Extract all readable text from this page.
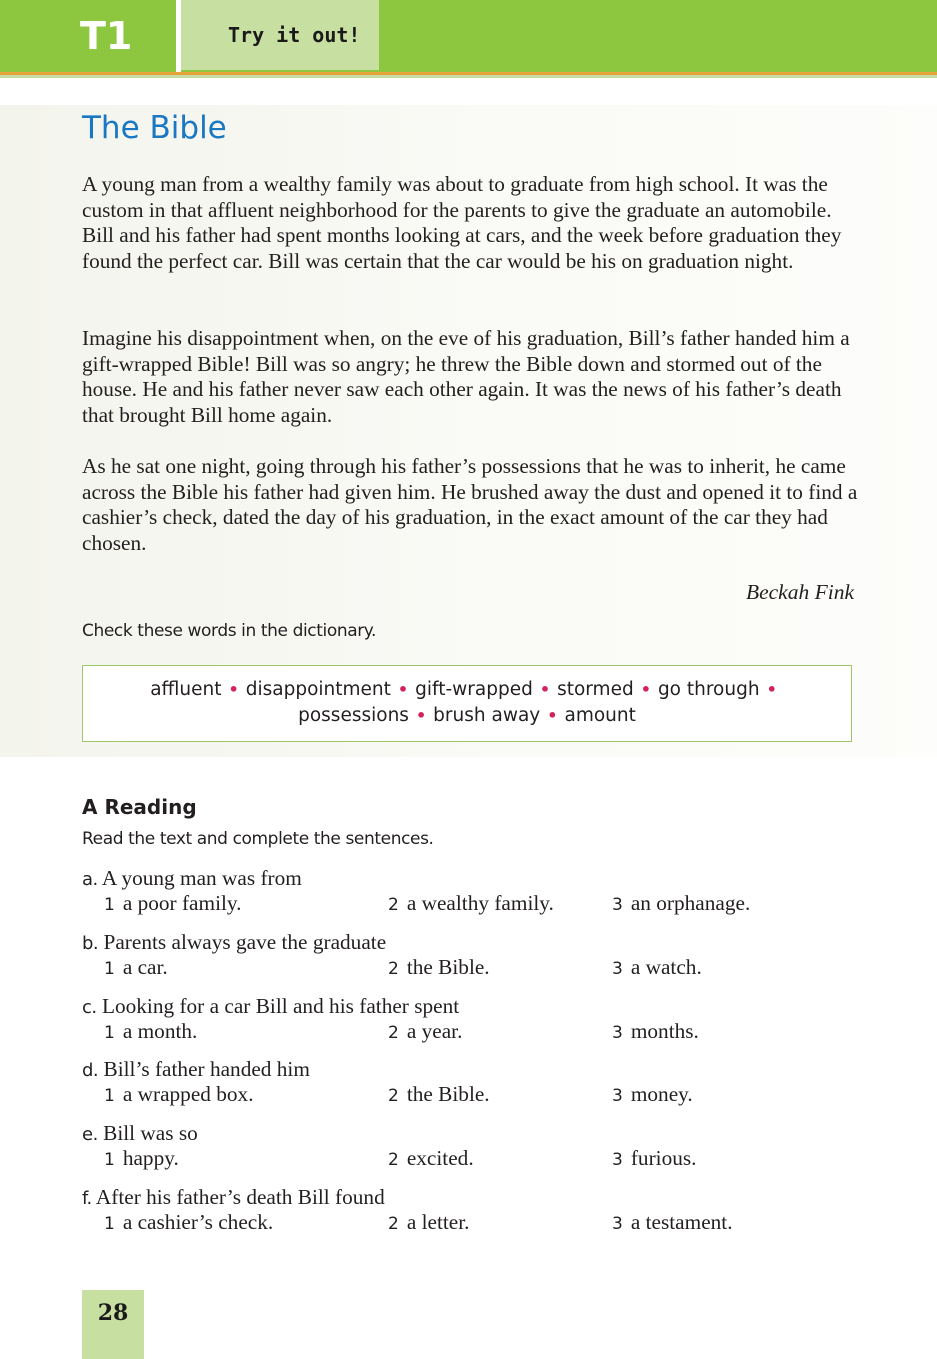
T1	Try it out!
The Bible

A young man from a wealthy family was about to graduate from high school. It was the custom in that affluent neighborhood for the parents to give the graduate an automobile. Bill and his father had spent months looking at cars, and the week before graduation they found the perfect car. Bill was certain that the car would be his on graduation night.

Imagine his disappointment when, on the eve of his graduation, Bill’s father handed him a gift-wrapped Bible! Bill was so angry; he threw the Bible down and stormed out of the house. He and his father never saw each other again. It was the news of his father’s death that brought Bill home again.

As he sat one night, going through his father’s possessions that he was to inherit, he came across the Bible his father had given him. He brushed away the dust and opened it to find a cashier’s check, dated the day of his graduation, in the exact amount of the car they had chosen.

Beckah Fink
Check these words in the dictionary.
affluent • disappointment • gift-wrapped • stormed • go through •
possessions • brush away • amount
A Reading
Read the text and complete the sentences.
a. A young man was from
1 a poor family.	2 a wealthy family.	3 an orphanage.
b. Parents always gave the graduate
1 a car.	2 the Bible.	3 a watch.
c. Looking for a car Bill and his father spent
1 a month.	2 a year.	3 months.
d. Bill’s father handed him
1 a wrapped box.	2 the Bible.	3 money.
e. Bill was so
1 happy.	2 excited.	3 furious.
f. After his father’s death Bill found
1 a cashier’s check.	2 a letter.	3 a testament.
28
